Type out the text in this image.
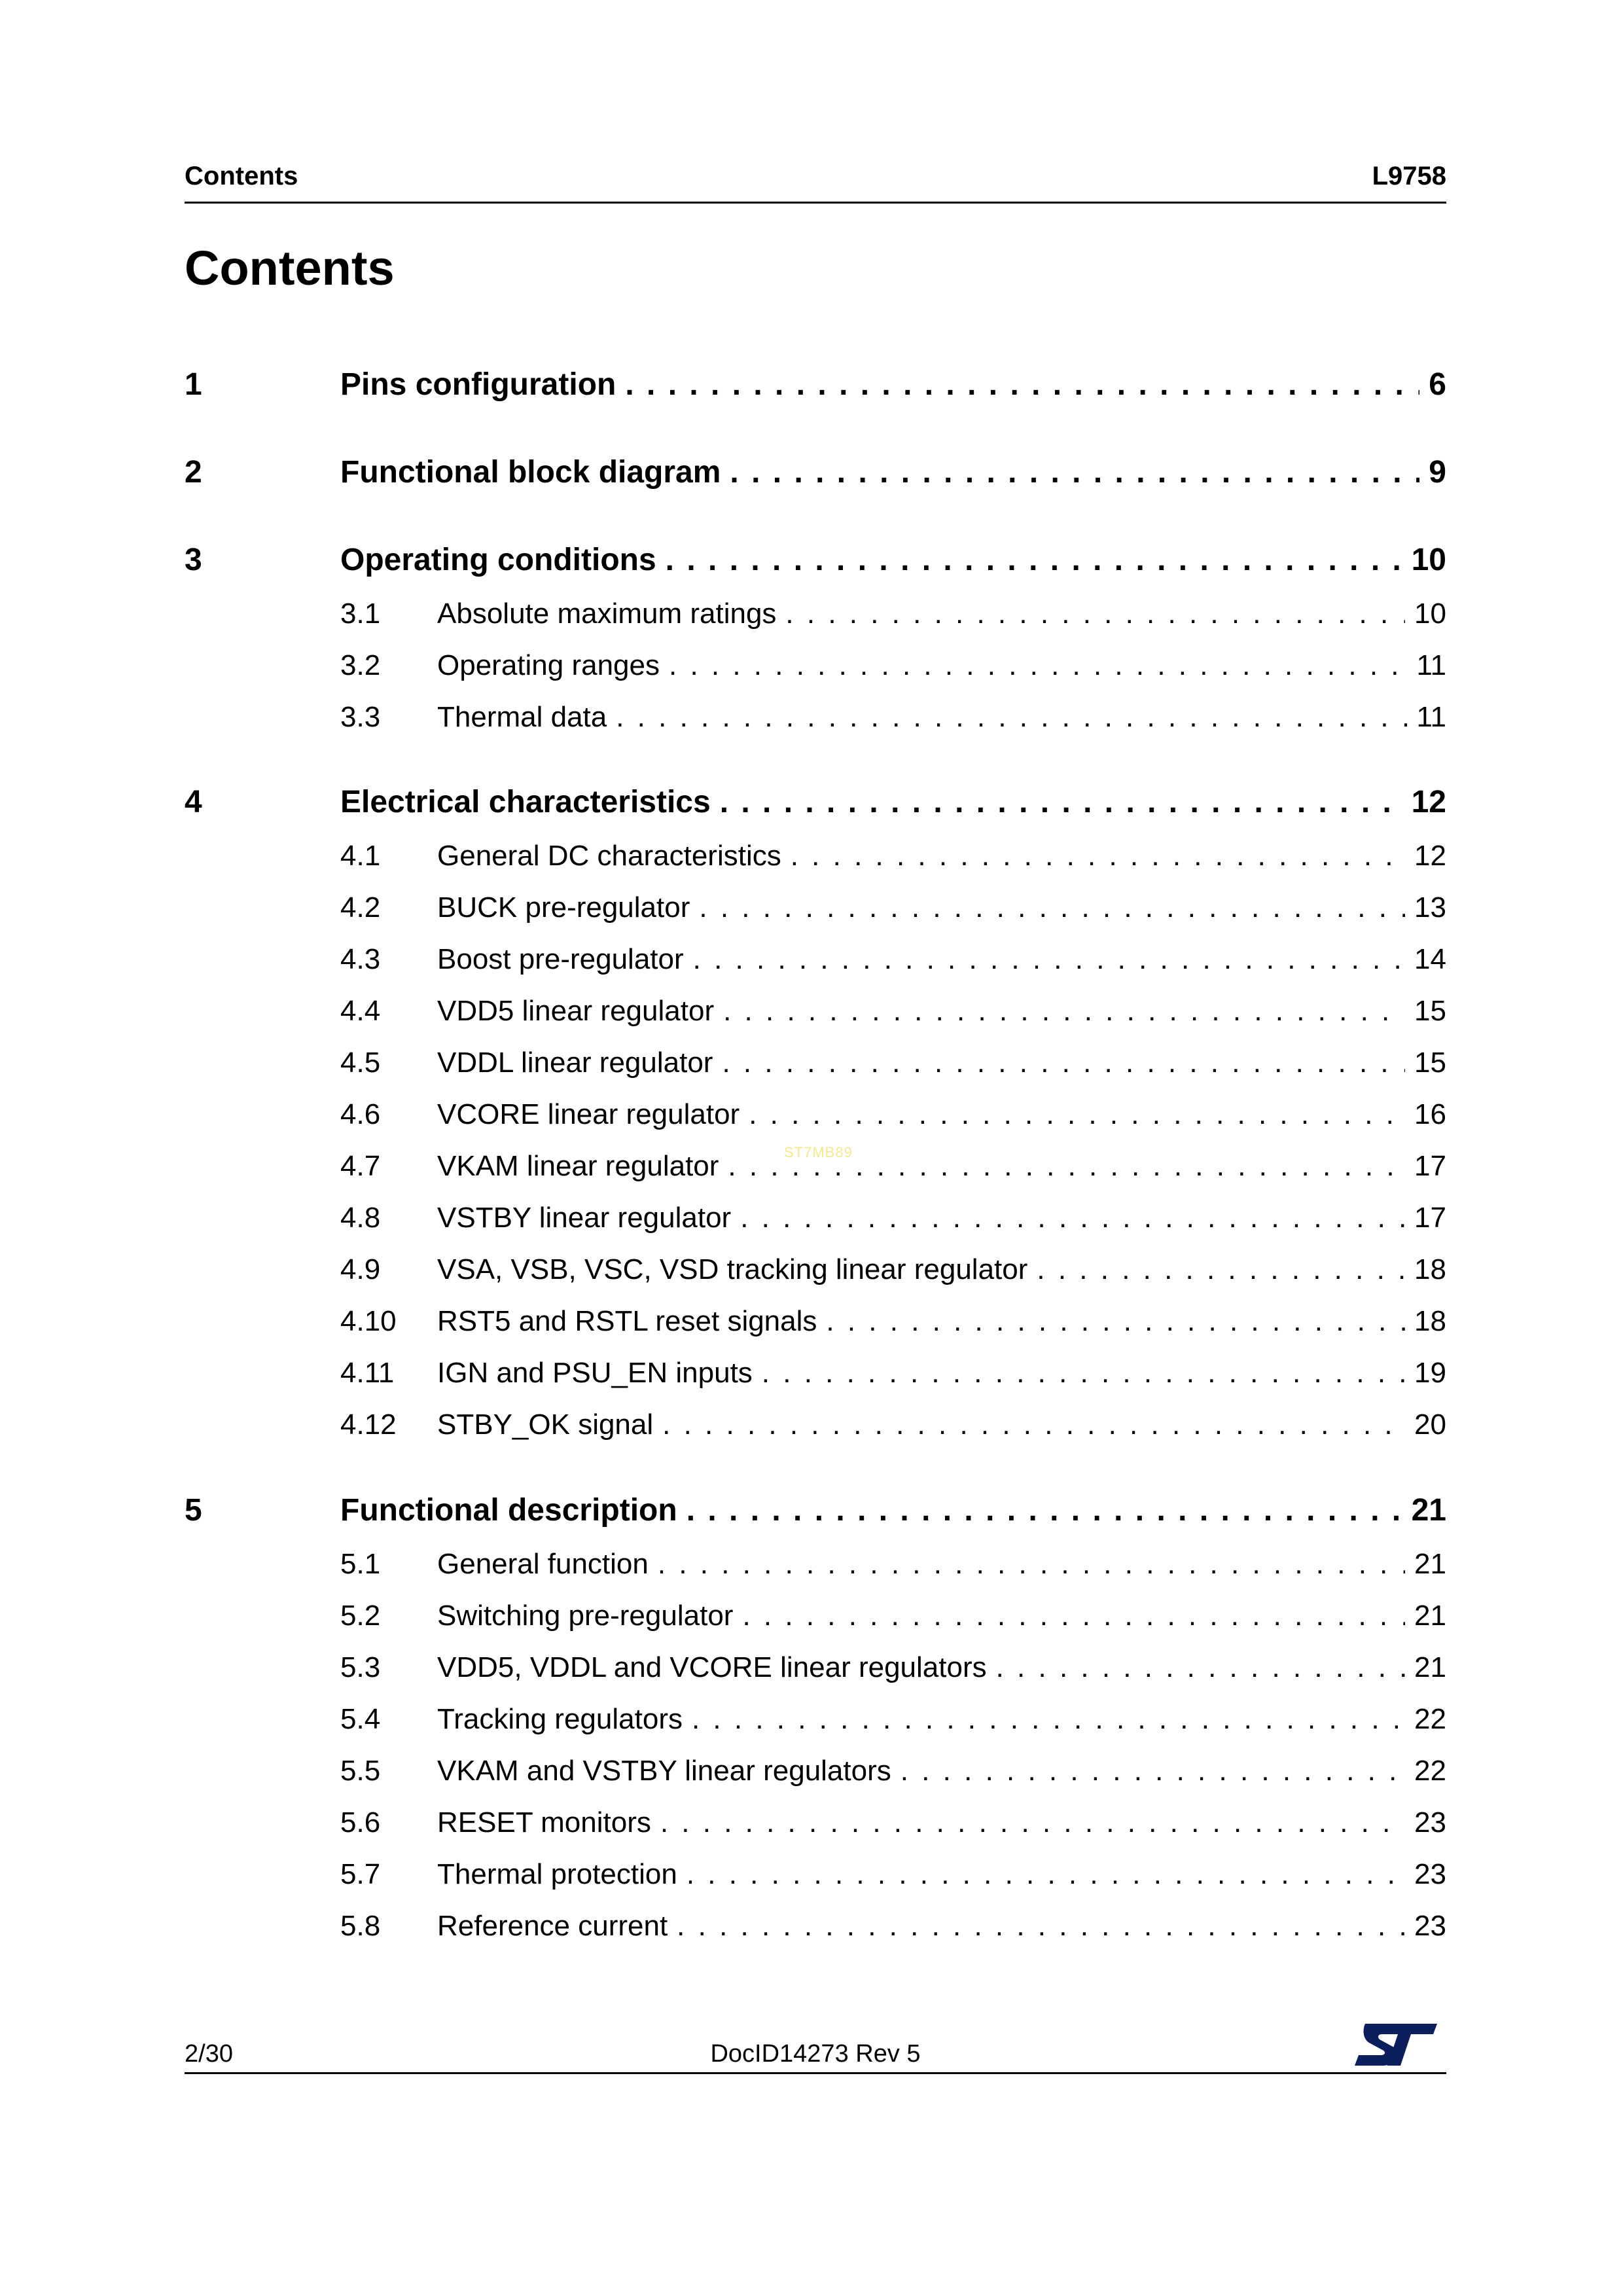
Contents	L9758
Contents
1	Pins configuration . . .	6
2	Functional block diagram . . .	9
3	Operating conditions . . .	10
3.1	Absolute maximum ratings . . .	10
3.2	Operating ranges . . .	11
3.3	Thermal data . . .	11
4	Electrical characteristics . . .	12
4.1	General DC characteristics . . .	12
4.2	BUCK pre-regulator . . .	13
4.3	Boost pre-regulator . . .	14
4.4	VDD5 linear regulator . . .	15
4.5	VDDL linear regulator . . .	15
4.6	VCORE linear regulator . . .	16
4.7	VKAM linear regulator . . .	17
4.8	VSTBY linear regulator . . .	17
4.9	VSA, VSB, VSC, VSD tracking linear regulator . . .	18
4.10	RST5 and RSTL reset signals . . .	18
4.11	IGN and PSU_EN inputs . . .	19
4.12	STBY_OK signal . . .	20
5	Functional description . . .	21
5.1	General function . . .	21
5.2	Switching pre-regulator . . .	21
5.3	VDD5, VDDL and VCORE linear regulators . . .	21
5.4	Tracking regulators . . .	22
5.5	VKAM and VSTBY linear regulators . . .	22
5.6	RESET monitors . . .	23
5.7	Thermal protection . . .	23
5.8	Reference current . . .	23
ST7MB89
2/30	DocID14273 Rev 5
